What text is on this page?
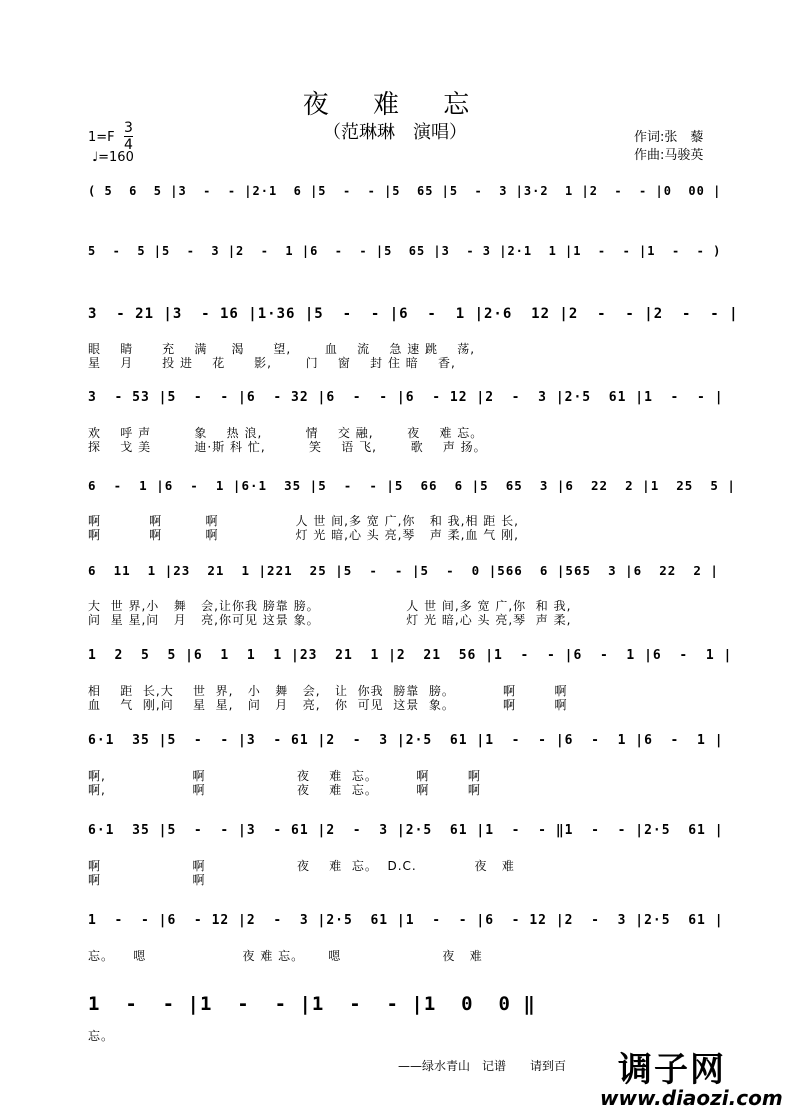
夜 难 忘
（范琳琳　演唱）
1=F
3
4
♩=160
作词:张　藜
作曲:马骏英
( 5  6  5 |3  -  - |2·1  6 |5  -  - |5  65 |5  -  3 |3·2  1 |2  -  - |0  00 |
5  -  5 |5  -  3 |2  -  1 |6  -  - |5  65 |3  - 3 |2·1  1 |1  -  - |1  -  - )
3  - 21 |3  - 16 |1·36 |5  -  - |6  -  1 |2·6  12 |2  -  - |2  -  - |
眼    睛      充    满     渴      望,       血    流    急 速 跳    荡,
星    月      投 进    花      影,       门    窗    封 住 暗    香,
3  - 53 |5  -  - |6  - 32 |6  -  - |6  - 12 |2  -  3 |2·5  61 |1  -  - |
欢    呼 声         象    热 浪,         情    交 融,       夜    难 忘。
探    戈 美         迪·斯 科 忙,         笑    语 飞,       歌    声 扬。
6  -  1 |6  -  1 |6·1  35 |5  -  - |5  66  6 |5  65  3 |6  22  2 |1  25  5 |
啊          啊         啊                人 世 间,多 宽 广,你   和 我,相 距 长,
啊          啊         啊                灯 光 暗,心 头 亮,琴   声 柔,血 气 刚,
6  11  1 |23  21  1 |221  25 |5  -  - |5  -  0 |566  6 |565  3 |6  22  2 |
大  世 界,小   舞   会,让你我 膀靠 膀。                  人 世 间,多 宽 广,你  和 我,
问  星 星,问   月   亮,你可见 这景 象。                  灯 光 暗,心 头 亮,琴  声 柔,
1  2  5  5 |6  1  1  1 |23  21  1 |2  21  56 |1  -  - |6  -  1 |6  -  1 |
相    距  长,大    世  界,   小   舞   会,   让  你我  膀靠  膀。          啊        啊
血    气  刚,问    星  星,   问   月   亮,   你  可见  这景  象。          啊        啊
6·1  35 |5  -  - |3  - 61 |2  -  3 |2·5  61 |1  -  - |6  -  1 |6  -  1 |
啊,                  啊                   夜    难  忘。        啊        啊
啊,                  啊                   夜    难  忘。        啊        啊
6·1  35 |5  -  - |3  - 61 |2  -  3 |2·5  61 |1  -  - ‖1  -  - |2·5  61 |
啊                   啊                   夜    难  忘。  D.C.            夜   难
啊                   啊
1  -  - |6  - 12 |2  -  3 |2·5  61 |1  -  - |6  - 12 |2  -  3 |2·5  61 |
忘。    嗯                    夜 难 忘。     嗯                     夜   难
1  -  - |1  -  - |1  -  - |1  0  0 ‖
忘。
——绿水青山　记谱　　请到百 调子网
www.diaozi.com
